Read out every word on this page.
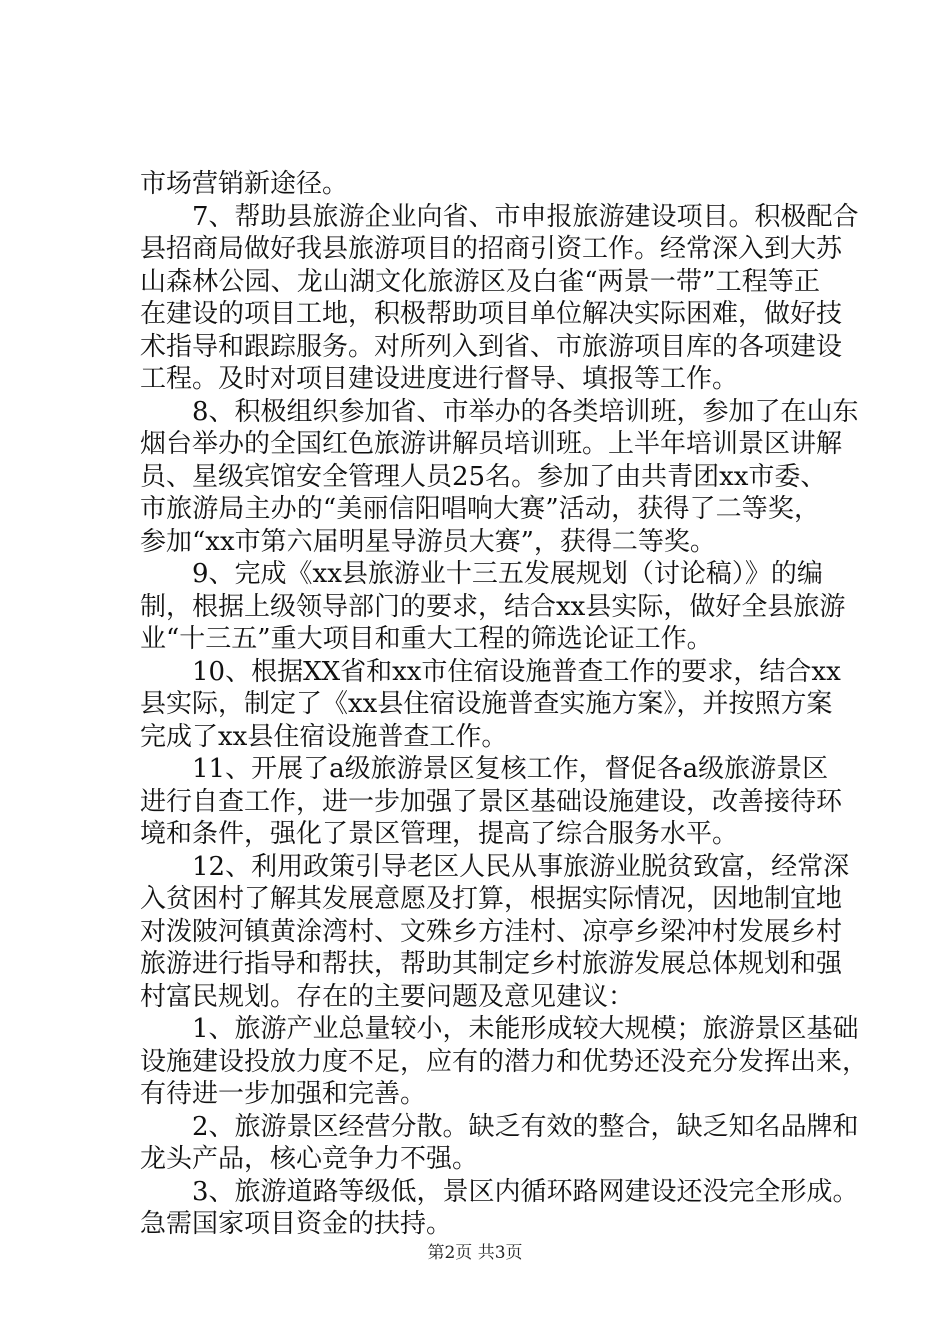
市场营销新途径。
7、帮助县旅游企业向省、市申报旅游建设项目。积极配合
县招商局做好我县旅游项目的招商引资工作。经常深入到大苏
山森林公园、龙山湖文化旅游区及白雀“两景一带”工程等正
在建设的项目工地，积极帮助项目单位解决实际困难，做好技
术指导和跟踪服务。对所列入到省、市旅游项目库的各项建设
工程。及时对项目建设进度进行督导、填报等工作。
8、积极组织参加省、市举办的各类培训班，参加了在山东
烟台举办的全国红色旅游讲解员培训班。上半年培训景区讲解
员、星级宾馆安全管理人员25名。参加了由共青团xx市委、
市旅游局主办的“美丽信阳唱响大赛”活动，获得了二等奖，
参加“xx市第六届明星导游员大赛”，获得二等奖。
9、完成《xx县旅游业十三五发展规划（讨论稿）》的编
制，根据上级领导部门的要求，结合xx县实际，做好全县旅游
业“十三五”重大项目和重大工程的筛选论证工作。
10、根据XX省和xx市住宿设施普查工作的要求，结合xx
县实际，制定了《xx县住宿设施普查实施方案》，并按照方案
完成了xx县住宿设施普查工作。
11、开展了a级旅游景区复核工作，督促各a级旅游景区
进行自查工作，进一步加强了景区基础设施建设，改善接待环
境和条件，强化了景区管理，提高了综合服务水平。
12、利用政策引导老区人民从事旅游业脱贫致富，经常深
入贫困村了解其发展意愿及打算，根据实际情况，因地制宜地
对泼陂河镇黄涂湾村、文殊乡方洼村、凉亭乡梁冲村发展乡村
旅游进行指导和帮扶，帮助其制定乡村旅游发展总体规划和强
村富民规划。存在的主要问题及意见建议：
1、旅游产业总量较小，未能形成较大规模；旅游景区基础
设施建设投放力度不足，应有的潜力和优势还没充分发挥出来，
有待进一步加强和完善。
2、旅游景区经营分散。缺乏有效的整合，缺乏知名品牌和
龙头产品，核心竞争力不强。
3、旅游道路等级低，景区内循环路网建设还没完全形成。
急需国家项目资金的扶持。
第2页 共3页
